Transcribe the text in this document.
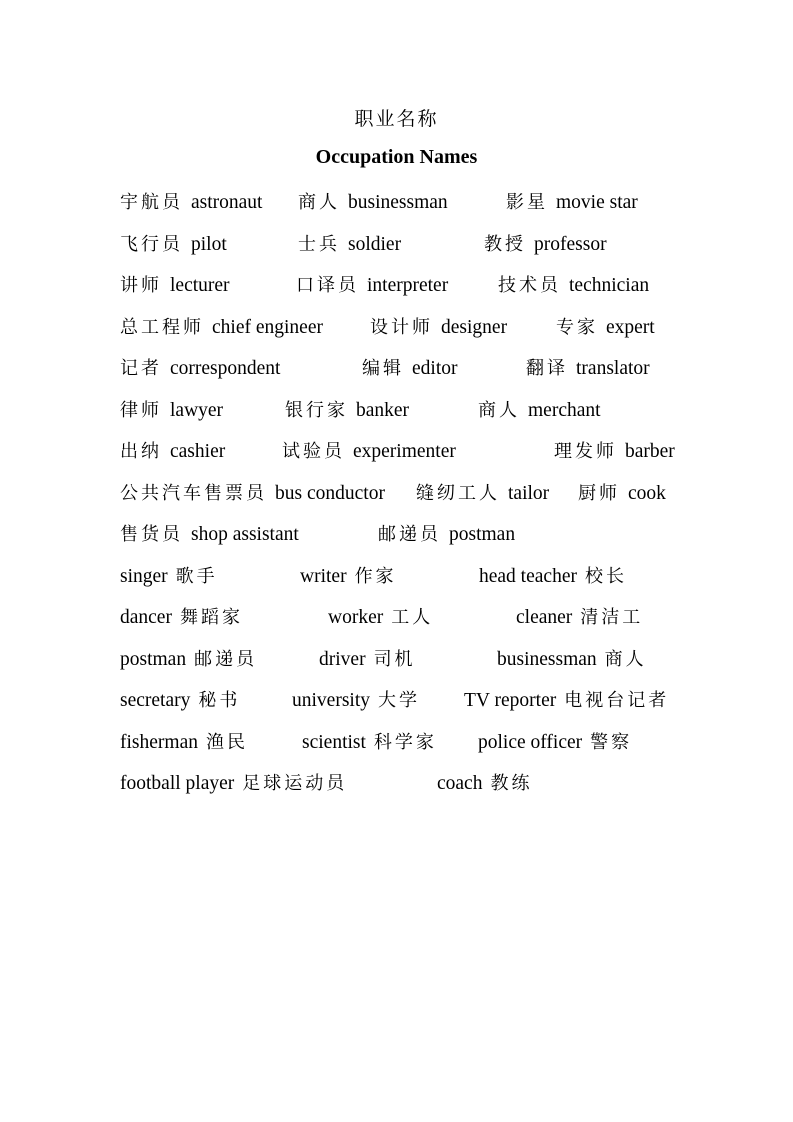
职业名称
Occupation Names
宇航员 astronaut 商人 businessman	影星 movie star
飞行员 pilot	士兵 soldier	教授 professor
讲师 lecturer	口译员 interpreter	技术员 technician
总工程师 chief engineer	设计师 designer	专家 expert
记者 correspondent	编辑 editor	翻译 translator
律师 lawyer	银行家 banker	商人 merchant
出纳 cashier	试验员 experimenter	理发师 barber
公共汽车售票员 bus conductor 缝纫工人 tailor 厨师 cook
售货员 shop assistant	邮递员 postman
singer 歌手	writer 作家	head teacher 校长
dancer 舞蹈家	worker 工人	cleaner 清洁工
postman 邮递员	driver 司机	businessman 商人
secretary 秘书	university 大学 TV reporter 电视台记者
fisherman 渔民	scientist 科学家 police officer 警察
football player 足球运动员	coach 教练
